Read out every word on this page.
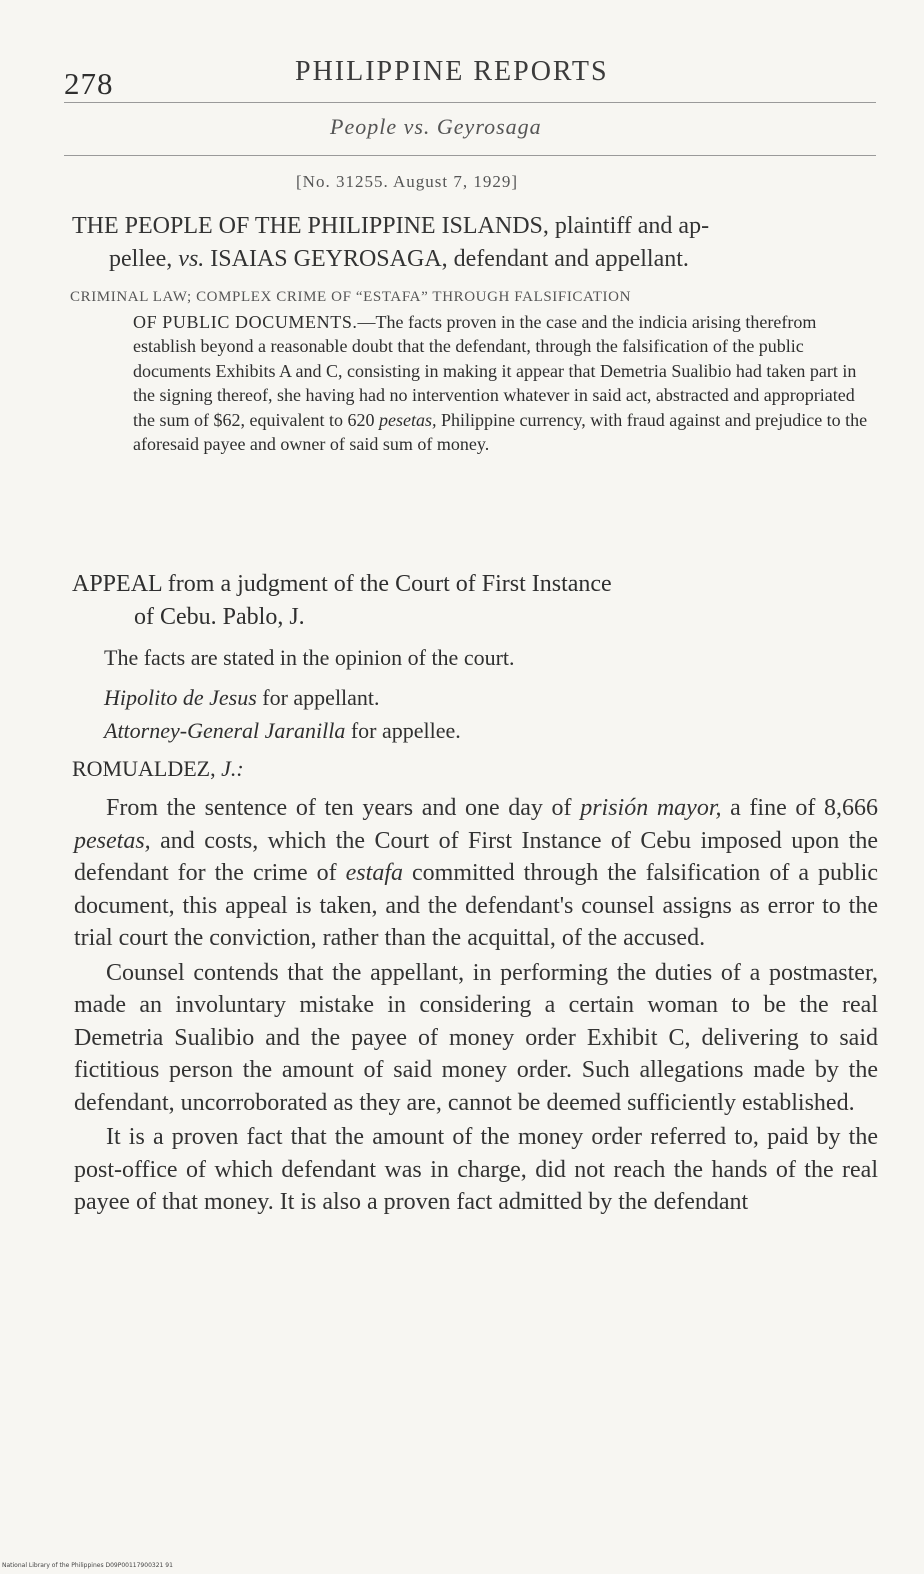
278	PHILIPPINE REPORTS
People vs. Geyrosaga
[No. 31255. August 7, 1929]
THE PEOPLE OF THE PHILIPPINE ISLANDS, plaintiff and ap-
pellee, vs. ISAIAS GEYROSAGA, defendant and appellant.
CRIMINAL LAW; COMPLEX CRIME OF “ESTAFA” THROUGH FALSIFICATION
OF PUBLIC DOCUMENTS.—The facts proven in the case and the indicia arising therefrom establish beyond a reasonable doubt that the defendant, through the falsification of the public documents Exhibits A and C, consisting in making it appear that Demetria Sualibio had taken part in the signing thereof, she having had no intervention whatever in said act, abstracted and appropriated the sum of $62, equivalent to 620 pesetas, Philippine currency, with fraud against and prejudice to the aforesaid payee and owner of said sum of money.
APPEAL from a judgment of the Court of First Instance
of Cebu. Pablo, J.
The facts are stated in the opinion of the court.
Hipolito de Jesus for appellant.
Attorney-General Jaranilla for appellee.
ROMUALDEZ, J.:

From the sentence of ten years and one day of prisión mayor, a fine of 8,666 pesetas, and costs, which the Court of First Instance of Cebu imposed upon the defendant for the crime of estafa committed through the falsification of a public document, this appeal is taken, and the defendant's counsel assigns as error to the trial court the conviction, rather than the acquittal, of the accused.

Counsel contends that the appellant, in performing the duties of a postmaster, made an involuntary mistake in considering a certain woman to be the real Demetria Sualibio and the payee of money order Exhibit C, delivering to said fictitious person the amount of said money order. Such allegations made by the defendant, uncorroborated as they are, cannot be deemed sufficiently established.

It is a proven fact that the amount of the money order referred to, paid by the post-office of which defendant was in charge, did not reach the hands of the real payee of that money. It is also a proven fact admitted by the defendant

National Library of the Philippines D09P00117900321 91
